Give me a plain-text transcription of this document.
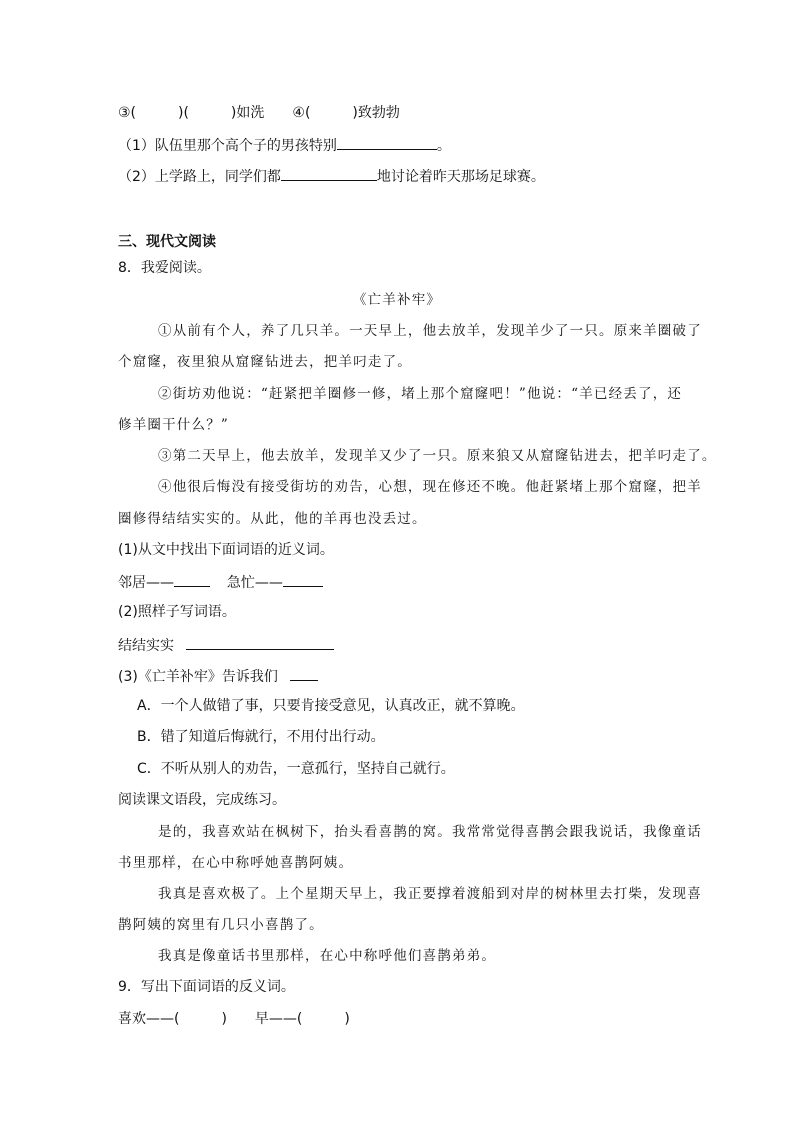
③(　　　)(　　　)如洗　　④(　　　)致勃勃
（1）队伍里那个高个子的男孩特别	。
（2）上学路上，同学们都	地讨论着昨天那场足球赛。
三、现代文阅读
8．我爱阅读。
《亡羊补牢》
①从前有个人，养了几只羊。一天早上，他去放羊，发现羊少了一只。原来羊圈破了
个窟窿，夜里狼从窟窿钻进去，把羊叼走了。
②街坊劝他说：“赶紧把羊圈修一修，堵上那个窟窿吧！”他说：“羊已经丢了，还
修羊圈干什么？”
③第二天早上，他去放羊，发现羊又少了一只。原来狼又从窟窿钻进去，把羊叼走了。
④他很后悔没有接受街坊的劝告，心想，现在修还不晚。他赶紧堵上那个窟窿，把羊
圈修得结结实实的。从此，他的羊再也没丢过。
(1)从文中找出下面词语的近义词。
邻居——	急忙——
(2)照样子写词语。
结结实实
(3)《亡羊补牢》告诉我们
A．一个人做错了事，只要肯接受意见，认真改正，就不算晚。
B．错了知道后悔就行，不用付出行动。
C．不听从别人的劝告，一意孤行，坚持自己就行。
阅读课文语段，完成练习。
是的，我喜欢站在枫树下，抬头看喜鹊的窝。我常常觉得喜鹊会跟我说话，我像童话
书里那样，在心中称呼她喜鹊阿姨。
我真是喜欢极了。上个星期天早上，我正要撑着渡船到对岸的树林里去打柴，发现喜
鹊阿姨的窝里有几只小喜鹊了。
我真是像童话书里那样，在心中称呼他们喜鹊弟弟。
9．写出下面词语的反义词。
喜欢——(　　　)　　早——(　　　)
